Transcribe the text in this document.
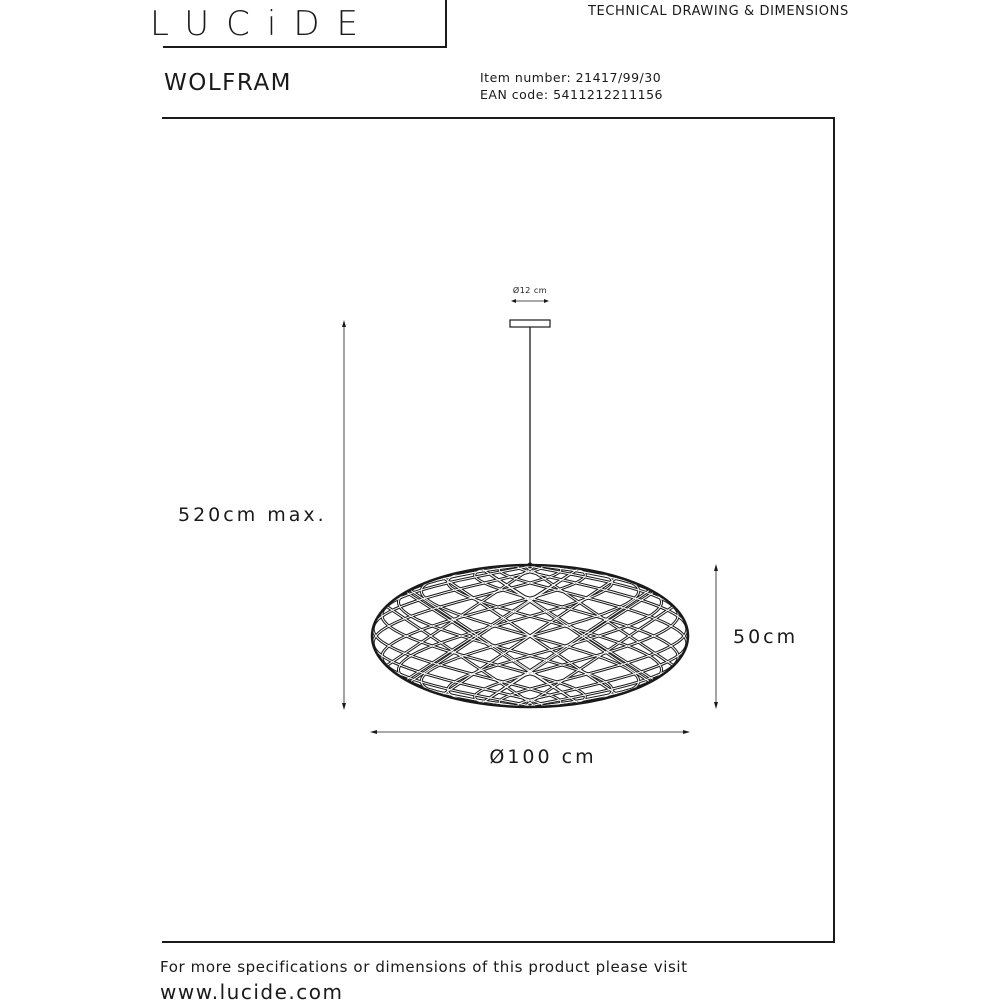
LUCiDE	TECHNICAL DRAWING & DIMENSIONS
WOLFRAM	Item number: 21417/99/30
EAN code: 5411212211156
Ø12 cm
520cm max.
50cm
Ø100 cm
For more specifications or dimensions of this product please visit
www.lucide.com
